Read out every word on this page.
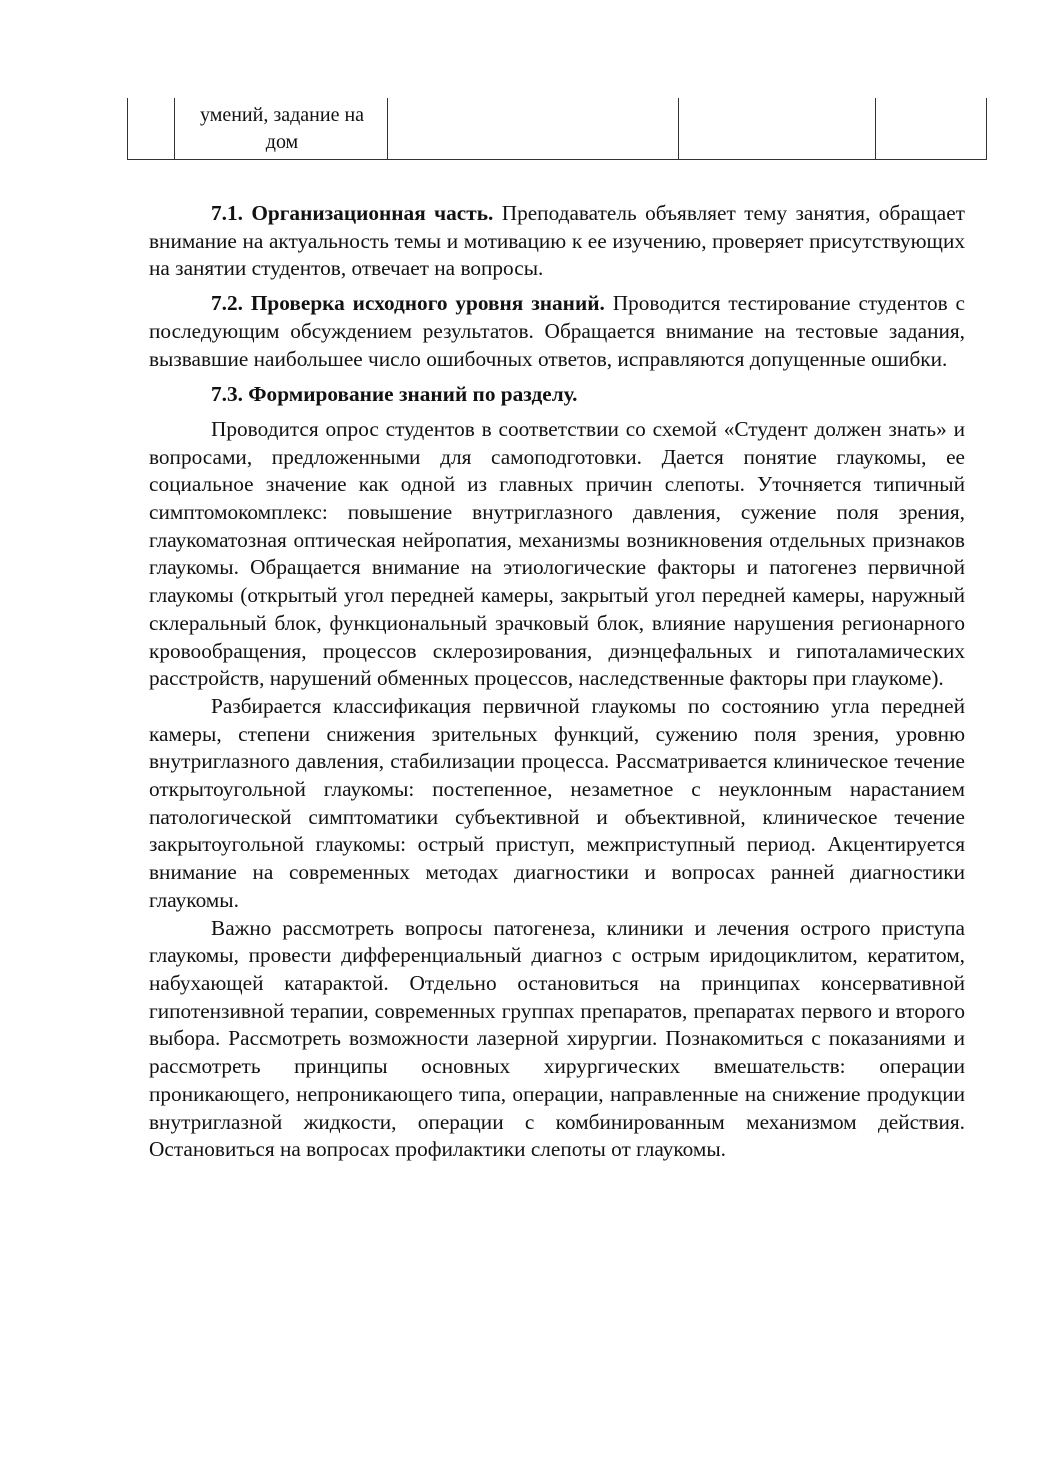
умений, задание на
дом

7.1. Организационная часть. Преподаватель объявляет тему занятия, обращает внимание на актуальность темы и мотивацию к ее изучению, проверяет присутствующих на занятии студентов, отвечает на вопросы.

7.2. Проверка исходного уровня знаний. Проводится тестирование студентов с последующим обсуждением результатов. Обращается внимание на тестовые задания, вызвавшие наибольшее число ошибочных ответов, исправляются допущенные ошибки.

7.3. Формирование знаний по разделу.

Проводится опрос студентов в соответствии со схемой «Студент должен знать» и вопросами, предложенными для самоподготовки. Дается понятие глаукомы, ее социальное значение как одной из главных причин слепоты. Уточняется типичный симптомокомплекс: повышение внутриглазного давления, сужение поля зрения, глаукоматозная оптическая нейропатия, механизмы возникновения отдельных признаков глаукомы. Обращается внимание на этиологические факторы и патогенез первичной глаукомы (открытый угол передней камеры, закрытый угол передней камеры, наружный склеральный блок, функциональный зрачковый блок, влияние нарушения регионарного кровообращения, процессов склерозирования, диэнцефальных и гипоталамических расстройств, нарушений обменных процессов, наследственные факторы при глаукоме).

Разбирается классификация первичной глаукомы по состоянию угла передней камеры, степени снижения зрительных функций, сужению поля зрения, уровню внутриглазного давления, стабилизации процесса. Рассматривается клиническое течение открытоугольной глаукомы: постепенное, незаметное с неуклонным нарастанием патологической симптоматики субъективной и объективной, клиническое течение закрытоугольной глаукомы: острый приступ, межприступный период. Акцентируется внимание на современных методах диагностики и вопросах ранней диагностики глаукомы.

Важно рассмотреть вопросы патогенеза, клиники и лечения острого приступа глаукомы, провести дифференциальный диагноз с острым иридоциклитом, кератитом, набухающей катарактой. Отдельно остановиться на принципах консервативной гипотензивной терапии, современных группах препаратов, препаратах первого и второго выбора. Рассмотреть возможности лазерной хирургии. Познакомиться с показаниями и рассмотреть принципы основных хирургических вмешательств: операции проникающего, непроникающего типа, операции, направленные на снижение продукции внутриглазной жидкости, операции с комбинированным механизмом действия. Остановиться на вопросах профилактики слепоты от глаукомы.
